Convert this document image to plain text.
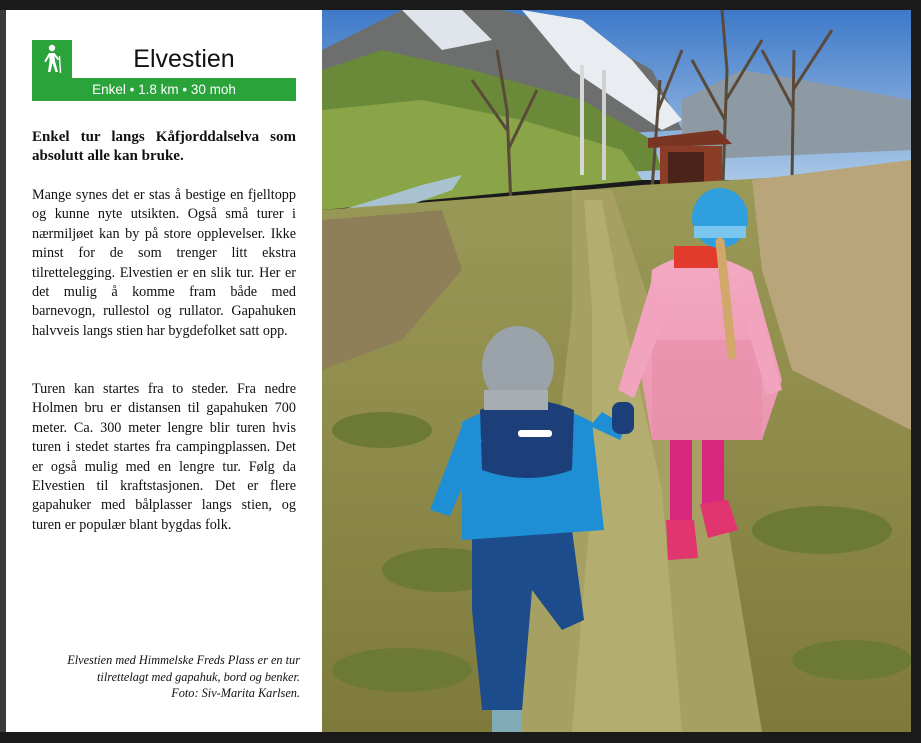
Elvestien
Enkel • 1.8 km • 30 moh
Enkel tur langs Kåfjorddalselva som absolutt alle kan bruke.

Mange synes det er stas å bestige en fjelltopp og kunne nyte utsikten. Også små turer i nærmiljøet kan by på store opplevelser. Ikke minst for de som trenger litt ekstra tilrettelegging. Elvestien er en slik tur. Her er det mulig å komme fram både med barnevogn, rullestol og rullator. Gapahuken halvveis langs stien har bygdefolket satt opp.

Turen kan startes fra to steder. Fra nedre Holmen bru er distansen til gapahuken 700 meter. Ca. 300 meter lengre blir turen hvis turen i stedet startes fra campingplassen. Det er også mulig med en lengre tur. Følg da Elvestien til kraftstasjonen. Det er flere gapahuker med bålplasser langs stien, og turen er populær blant bygdas folk.

Elvestien med Himmelske Freds Plass er en tur
tilrettelagt med gapahuk, bord og benker.
Foto: Siv-Marita Karlsen.
